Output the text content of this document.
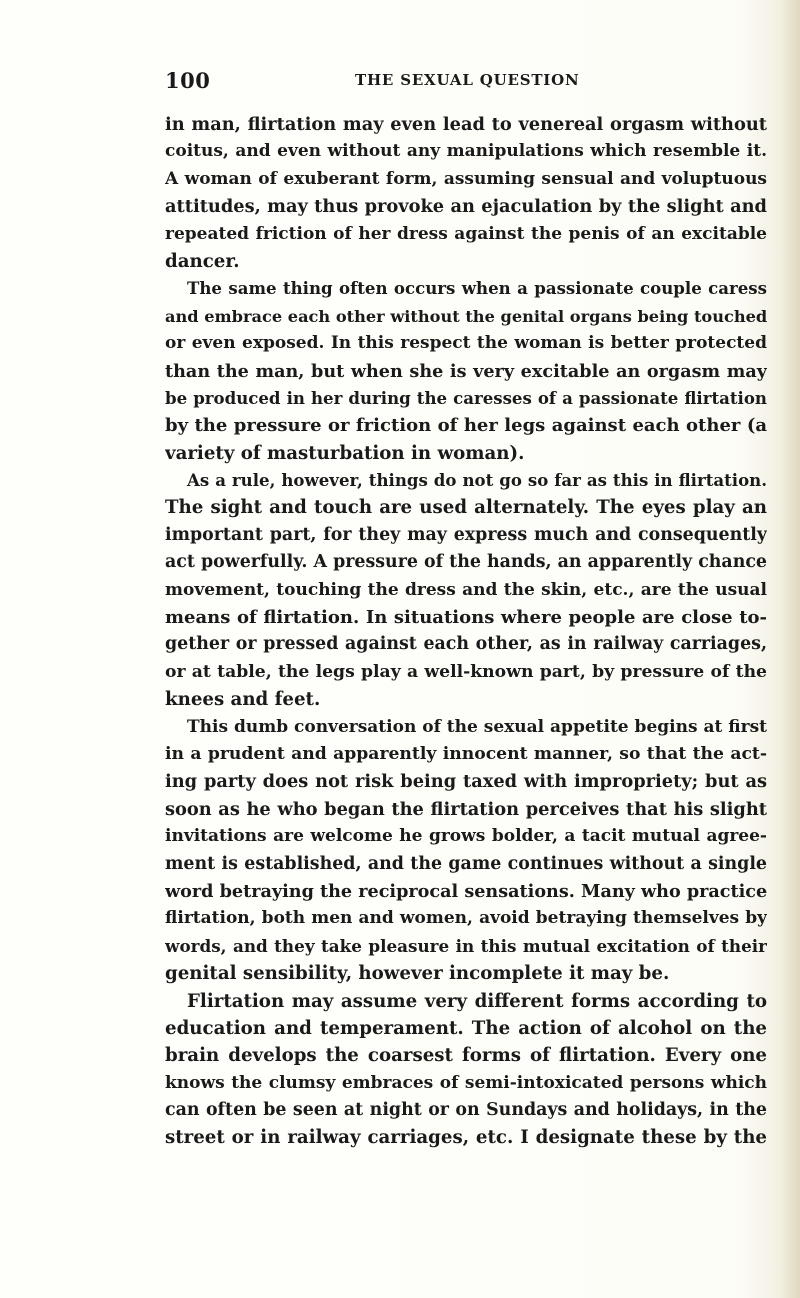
100	THE SEXUAL QUESTION
in man, flirtation may even lead to venereal orgasm without
coitus, and even without any manipulations which resemble it.
A woman of exuberant form, assuming sensual and voluptuous
attitudes, may thus provoke an ejaculation by the slight and
repeated friction of her dress against the penis of an excitable
dancer.
The same thing often occurs when a passionate couple caress
and embrace each other without the genital organs being touched
or even exposed. In this respect the woman is better protected
than the man, but when she is very excitable an orgasm may
be produced in her during the caresses of a passionate flirtation
by the pressure or friction of her legs against each other (a
variety of masturbation in woman).
As a rule, however, things do not go so far as this in flirtation.
The sight and touch are used alternately. The eyes play an
important part, for they may express much and consequently
act powerfully. A pressure of the hands, an apparently chance
movement, touching the dress and the skin, etc., are the usual
means of flirtation. In situations where people are close to-
gether or pressed against each other, as in railway carriages,
or at table, the legs play a well-known part, by pressure of the
knees and feet.
This dumb conversation of the sexual appetite begins at first
in a prudent and apparently innocent manner, so that the act-
ing party does not risk being taxed with impropriety; but as
soon as he who began the flirtation perceives that his slight
invitations are welcome he grows bolder, a tacit mutual agree-
ment is established, and the game continues without a single
word betraying the reciprocal sensations. Many who practice
flirtation, both men and women, avoid betraying themselves by
words, and they take pleasure in this mutual excitation of their
genital sensibility, however incomplete it may be.
Flirtation may assume very different forms according to
education and temperament. The action of alcohol on the
brain develops the coarsest forms of flirtation. Every one
knows the clumsy embraces of semi-intoxicated persons which
can often be seen at night or on Sundays and holidays, in the
street or in railway carriages, etc. I designate these by the
